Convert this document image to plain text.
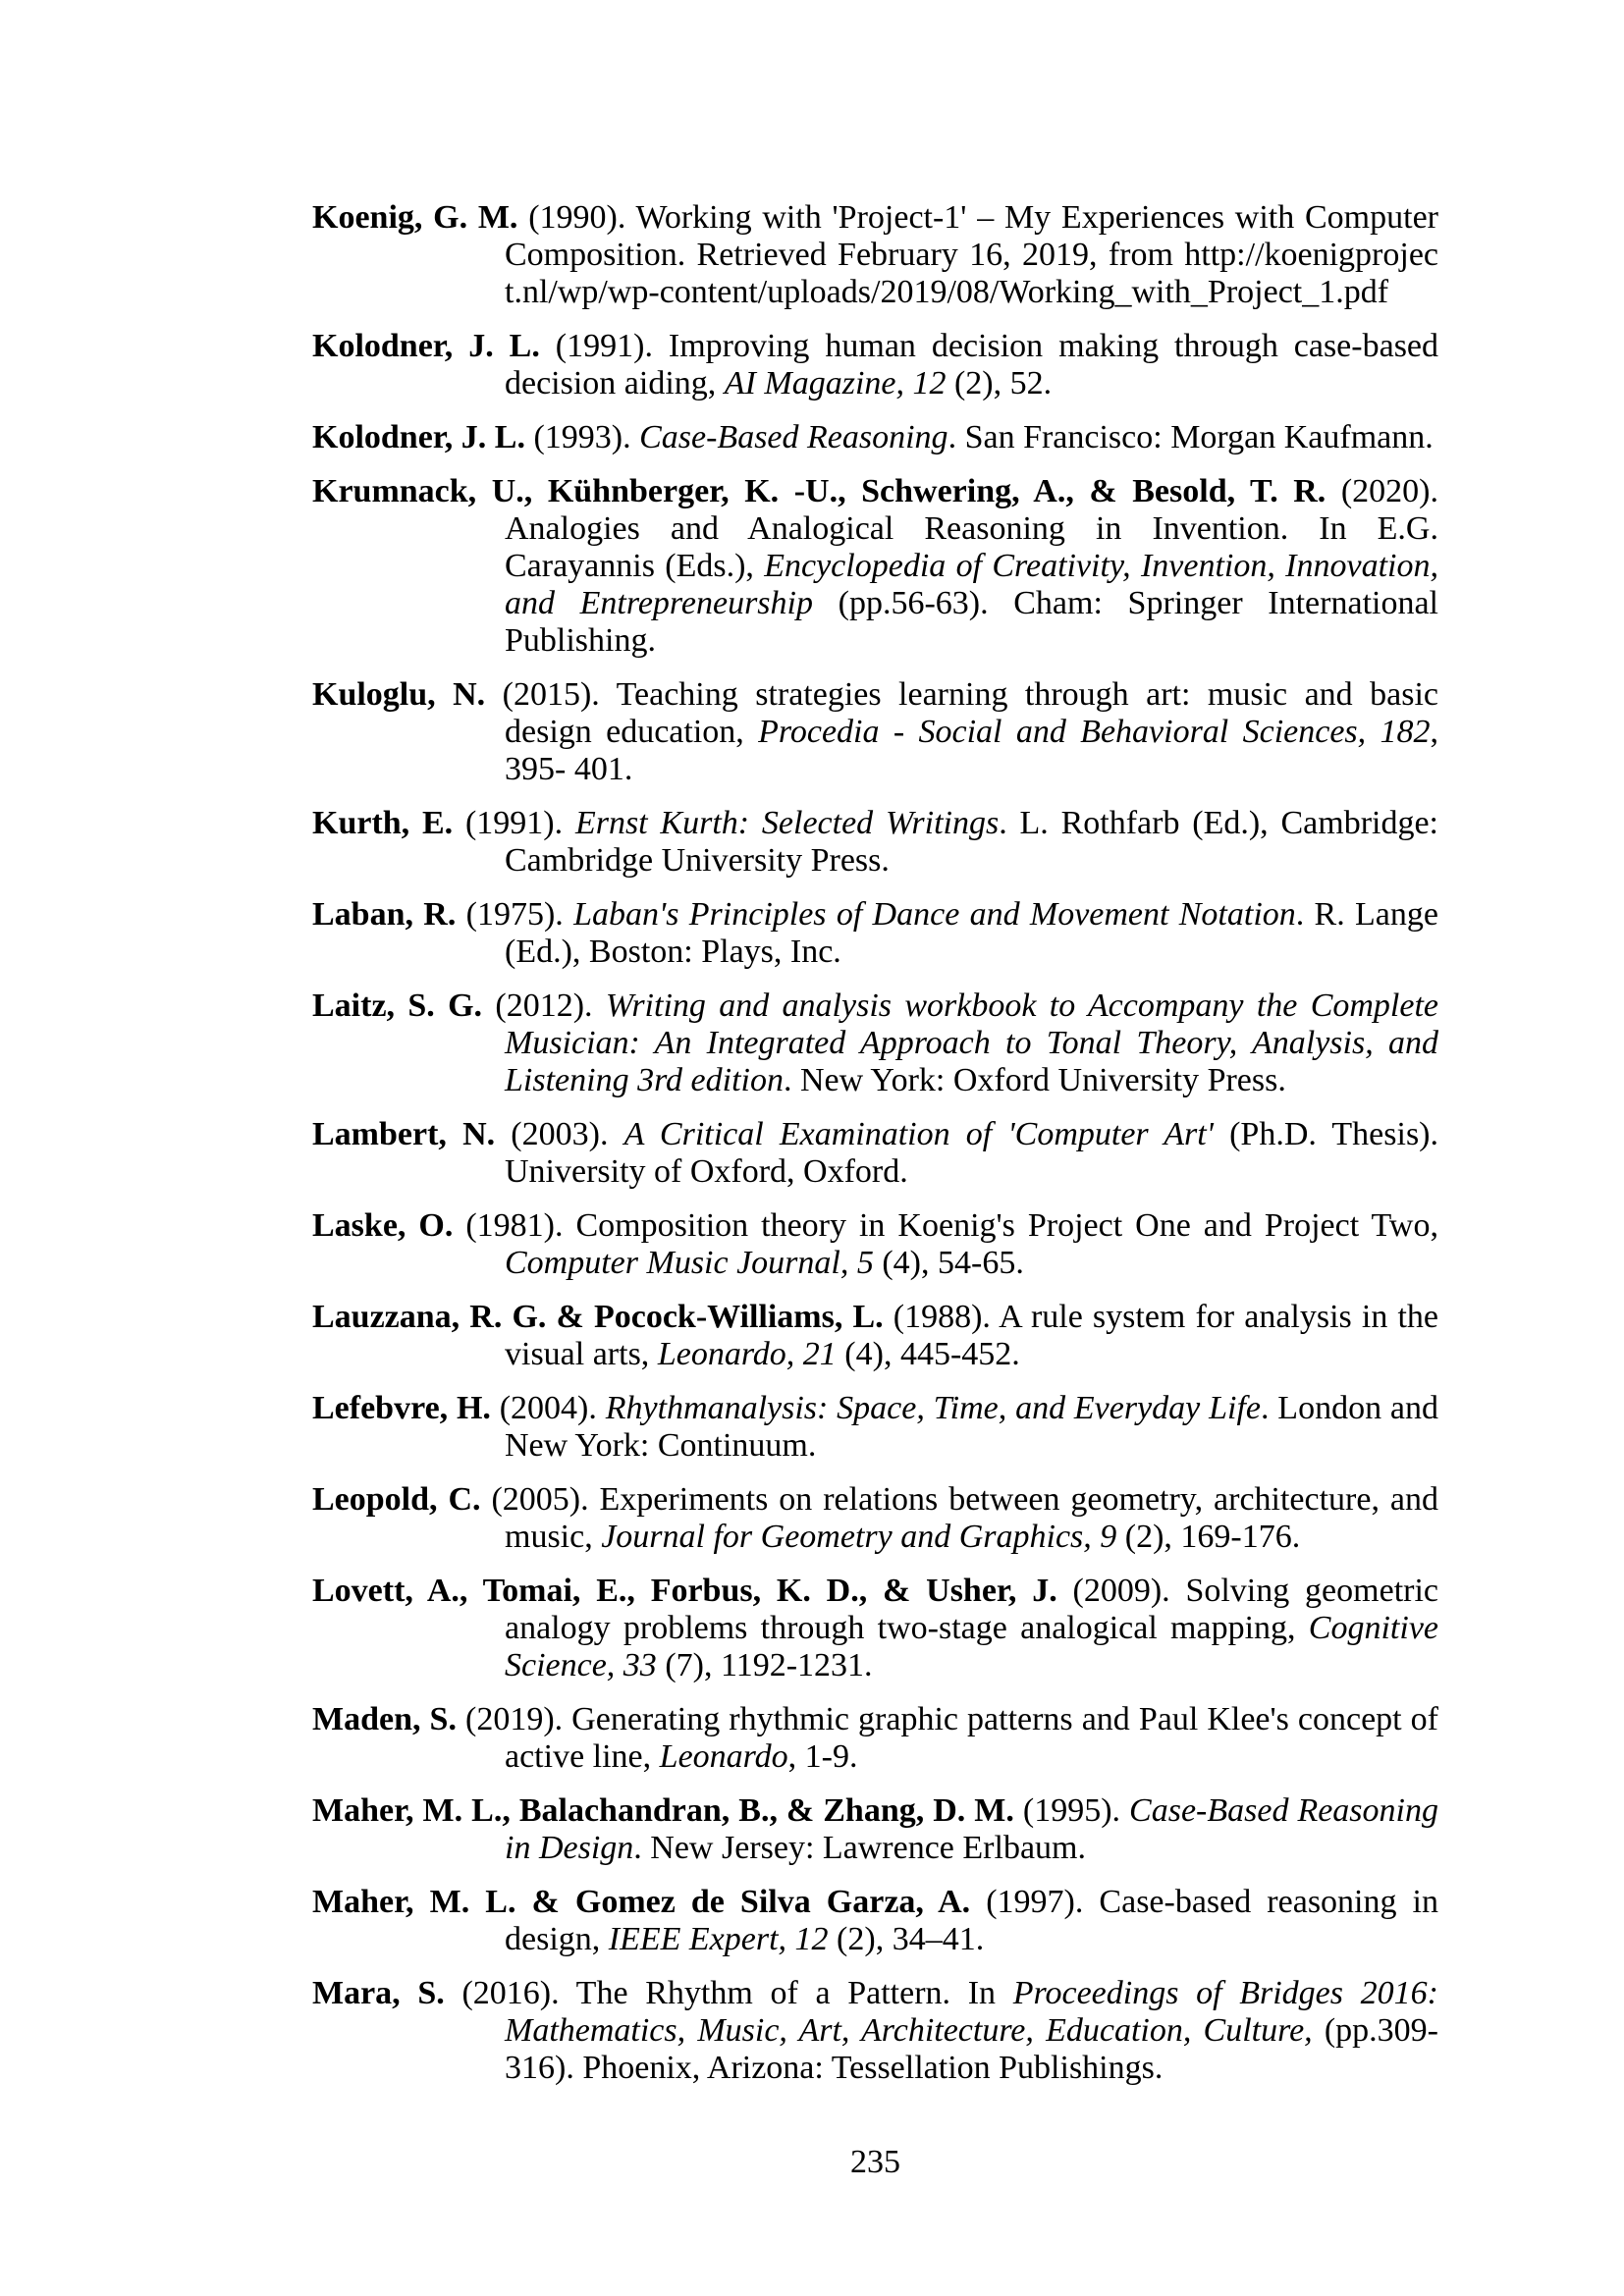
Koenig, G. M. (1990). Working with 'Project-1' – My Experiences with Computer Composition. Retrieved February 16, 2019, from http://koenigproject.nl/wp/wp-content/uploads/2019/08/Working_with_Project_1.pdf

Kolodner, J. L. (1991). Improving human decision making through case-based decision aiding, AI Magazine, 12 (2), 52.

Kolodner, J. L. (1993). Case-Based Reasoning. San Francisco: Morgan Kaufmann.

Krumnack, U., Kühnberger, K. -U., Schwering, A., & Besold, T. R. (2020). Analogies and Analogical Reasoning in Invention. In E.G. Carayannis (Eds.), Encyclopedia of Creativity, Invention, Innovation, and Entrepreneurship (pp.56-63). Cham: Springer International Publishing.

Kuloglu, N. (2015). Teaching strategies learning through art: music and basic design education, Procedia - Social and Behavioral Sciences, 182, 395- 401.

Kurth, E. (1991). Ernst Kurth: Selected Writings. L. Rothfarb (Ed.), Cambridge: Cambridge University Press.

Laban, R. (1975). Laban's Principles of Dance and Movement Notation. R. Lange (Ed.), Boston: Plays, Inc.

Laitz, S. G. (2012). Writing and analysis workbook to Accompany the Complete Musician: An Integrated Approach to Tonal Theory, Analysis, and Listening 3rd edition. New York: Oxford University Press.

Lambert, N. (2003). A Critical Examination of 'Computer Art' (Ph.D. Thesis). University of Oxford, Oxford.

Laske, O. (1981). Composition theory in Koenig's Project One and Project Two, Computer Music Journal, 5 (4), 54-65.

Lauzzana, R. G. & Pocock-Williams, L. (1988). A rule system for analysis in the visual arts, Leonardo, 21 (4), 445-452.

Lefebvre, H. (2004). Rhythmanalysis: Space, Time, and Everyday Life. London and New York: Continuum.

Leopold, C. (2005). Experiments on relations between geometry, architecture, and music, Journal for Geometry and Graphics, 9 (2), 169-176.

Lovett, A., Tomai, E., Forbus, K. D., & Usher, J. (2009). Solving geometric analogy problems through two-stage analogical mapping, Cognitive Science, 33 (7), 1192-1231.

Maden, S. (2019). Generating rhythmic graphic patterns and Paul Klee's concept of active line, Leonardo, 1-9.

Maher, M. L., Balachandran, B., & Zhang, D. M. (1995). Case-Based Reasoning in Design. New Jersey: Lawrence Erlbaum.

Maher, M. L. & Gomez de Silva Garza, A. (1997). Case-based reasoning in design, IEEE Expert, 12 (2), 34–41.

Mara, S. (2016). The Rhythm of a Pattern. In Proceedings of Bridges 2016: Mathematics, Music, Art, Architecture, Education, Culture, (pp.309-316). Phoenix, Arizona: Tessellation Publishings.

235
